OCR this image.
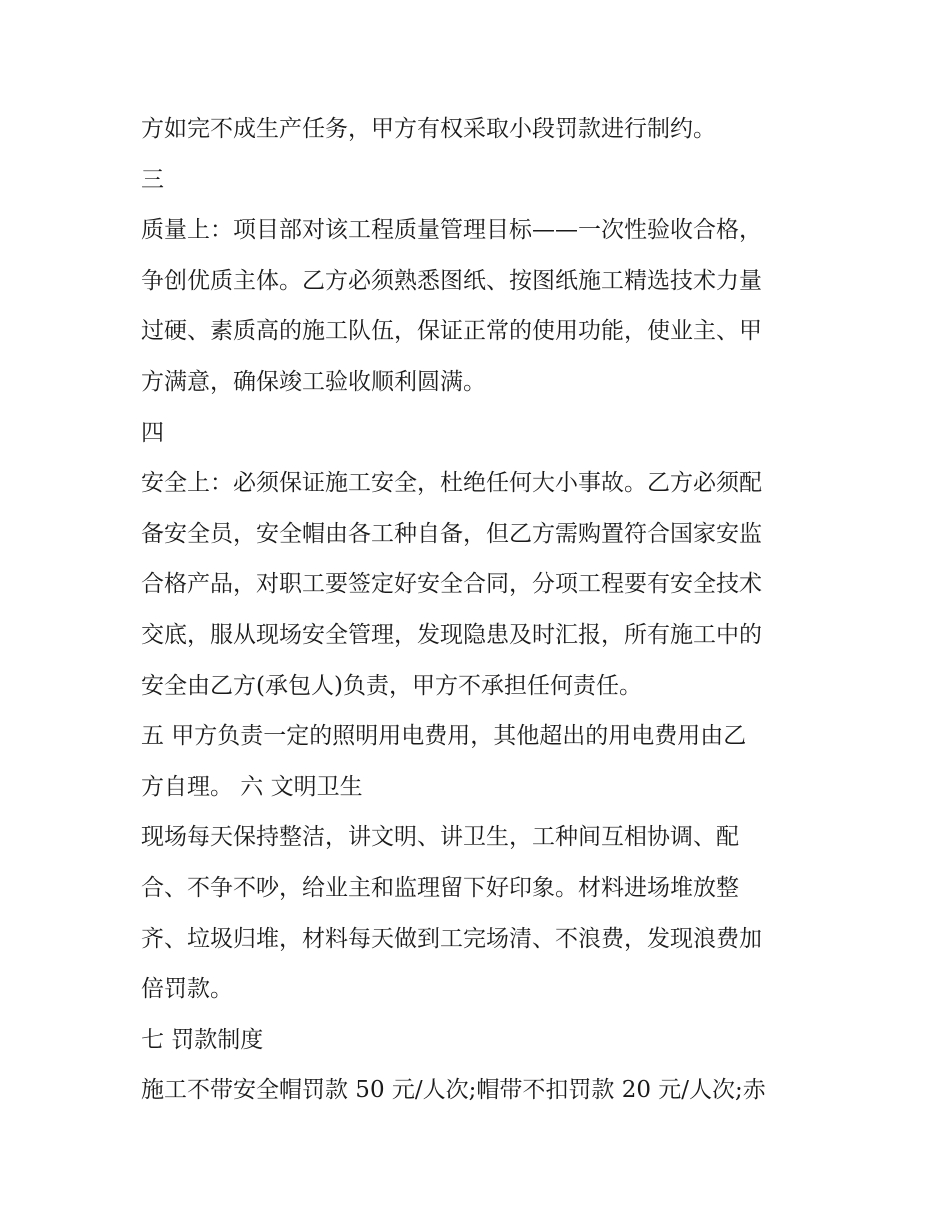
方如完不成生产任务，甲方有权采取小段罚款进行制约。
三
质量上：项目部对该工程质量管理目标——一次性验收合格，
争创优质主体。乙方必须熟悉图纸、按图纸施工精选技术力量
过硬、素质高的施工队伍，保证正常的使用功能，使业主、甲
方满意，确保竣工验收顺利圆满。
四
安全上：必须保证施工安全，杜绝任何大小事故。乙方必须配
备安全员，安全帽由各工种自备，但乙方需购置符合国家安监
合格产品，对职工要签定好安全合同，分项工程要有安全技术
交底，服从现场安全管理，发现隐患及时汇报，所有施工中的
安全由乙方(承包人)负责，甲方不承担任何责任。
五 甲方负责一定的照明用电费用，其他超出的用电费用由乙
方自理。 六 文明卫生
现场每天保持整洁，讲文明、讲卫生，工种间互相协调、配
合、不争不吵，给业主和监理留下好印象。材料进场堆放整
齐、垃圾归堆，材料每天做到工完场清、不浪费，发现浪费加
倍罚款。
七 罚款制度
施工不带安全帽罚款 50 元/人次;帽带不扣罚款 20 元/人次;赤
